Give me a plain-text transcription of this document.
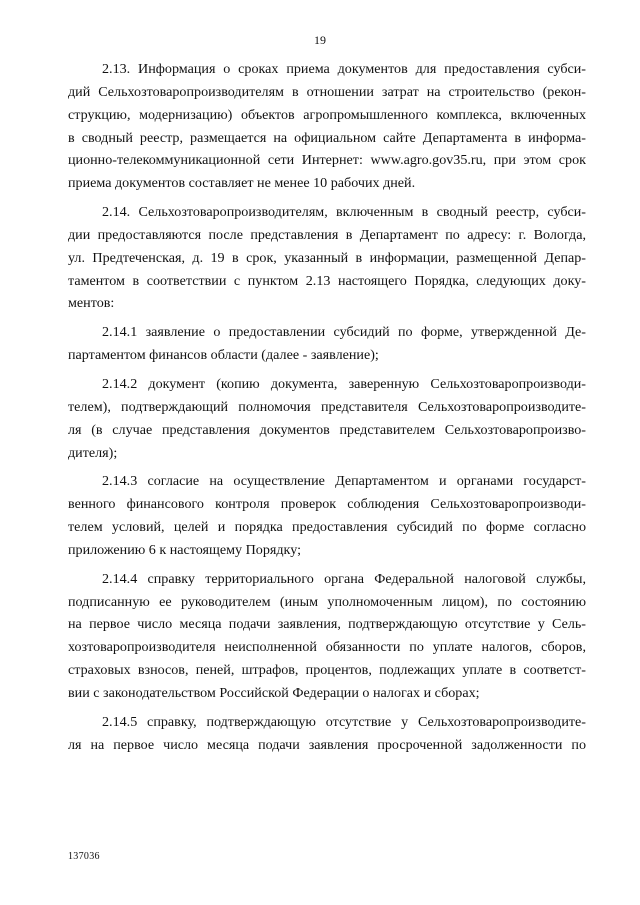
19
2.13. Информация о сроках приема документов для предоставления субси-
дий Сельхозтоваропроизводителям в отношении затрат на строительство (рекон-
струкцию, модернизацию) объектов агропромышленного комплекса, включенных
в сводный реестр, размещается на официальном сайте Департамента в информа-
ционно-телекоммуникационной сети Интернет: www.agro.gov35.ru, при этом срок
приема документов составляет не менее 10 рабочих дней.
2.14. Сельхозтоваропроизводителям, включенным в сводный реестр, субси-
дии предоставляются после представления в Департамент по адресу: г. Вологда,
ул. Предтеченская, д. 19 в срок, указанный в информации, размещенной Депар-
таментом в соответствии с пунктом 2.13 настоящего Порядка, следующих доку-
ментов:
2.14.1 заявление о предоставлении субсидий по форме, утвержденной Де-
партаментом финансов области (далее - заявление);
2.14.2 документ (копию документа, заверенную Сельхозтоваропроизводи-
телем), подтверждающий полномочия представителя Сельхозтоваропроизводите-
ля (в случае представления документов представителем Сельхозтоваропроизво-
дителя);
2.14.3 согласие на осуществление Департаментом и органами государст-
венного финансового контроля проверок соблюдения Сельхозтоваропроизводи-
телем условий, целей и порядка предоставления субсидий по форме согласно
приложению 6 к настоящему Порядку;
2.14.4 справку территориального органа Федеральной налоговой службы,
подписанную ее руководителем (иным уполномоченным лицом), по состоянию
на первое число месяца подачи заявления, подтверждающую отсутствие у Сель-
хозтоваропроизводителя неисполненной обязанности по уплате налогов, сборов,
страховых взносов, пеней, штрафов, процентов, подлежащих уплате в соответст-
вии с законодательством Российской Федерации о налогах и сборах;
2.14.5 справку, подтверждающую отсутствие у Сельхозтоваропроизводите-
ля на первое число месяца подачи заявления просроченной задолженности по
137036
